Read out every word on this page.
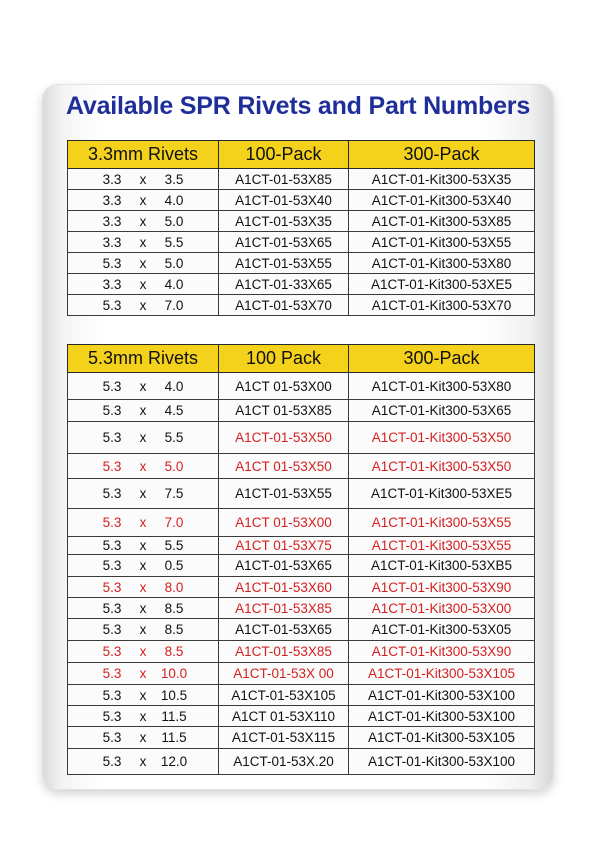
Available SPR Rivets and Part Numbers
3.3mm Rivets	100-Pack	300-Pack
3.3 x 3.5	A1CT-01-53X85	A1CT-01-Kit300-53X35
3.3 x 4.0	A1CT-01-53X40	A1CT-01-Kit300-53X40
3.3 x 5.0	A1CT-01-53X35	A1CT-01-Kit300-53X85
3.3 x 5.5	A1CT-01-53X65	A1CT-01-Kit300-53X55
5.3 x 5.0	A1CT-01-53X55	A1CT-01-Kit300-53X80
3.3 x 4.0	A1CT-01-33X65	A1CT-01-Kit300-53XE5
5.3 x 7.0	A1CT-01-53X70	A1CT-01-Kit300-53X70
5.3mm Rivets	100 Pack	300-Pack
5.3 x 4.0	A1CT 01-53X00	A1CT-01-Kit300-53X80
5.3 x 4.5	A1CT 01-53X85	A1CT-01-Kit300-53X65
5.3 x 5.5	A1CT-01-53X50	A1CT-01-Kit300-53X50
5.3 x 5.0	A1CT 01-53X50	A1CT-01-Kit300-53X50
5.3 x 7.5	A1CT-01-53X55	A1CT-01-Kit300-53XE5
5.3 x 7.0	A1CT 01-53X00	A1CT-01-Kit300-53X55
5.3 x 5.5	A1CT 01-53X75	A1CT-01-Kit300-53X55
5.3 x 0.5	A1CT-01-53X65	A1CT-01-Kit300-53XB5
5.3 x 8.0	A1CT-01-53X60	A1CT-01-Kit300-53X90
5.3 x 8.5	A1CT-01-53X85	A1CT-01-Kit300-53X00
5.3 x 8.5	A1CT-01-53X65	A1CT-01-Kit300-53X05
5.3 x 8.5	A1CT-01-53X85	A1CT-01-Kit300-53X90
5.3 x 10.0	A1CT-01-53X 00	A1CT-01-Kit300-53X105
5.3 x 10.5	A1CT-01-53X105	A1CT-01-Kit300-53X100
5.3 x 11.5	A1CT 01-53X110	A1CT-01-Kit300-53X100
5.3 x 11.5	A1CT-01-53X115	A1CT-01-Kit300-53X105
5.3 x 12.0	A1CT-01-53X.20	A1CT-01-Kit300-53X100
